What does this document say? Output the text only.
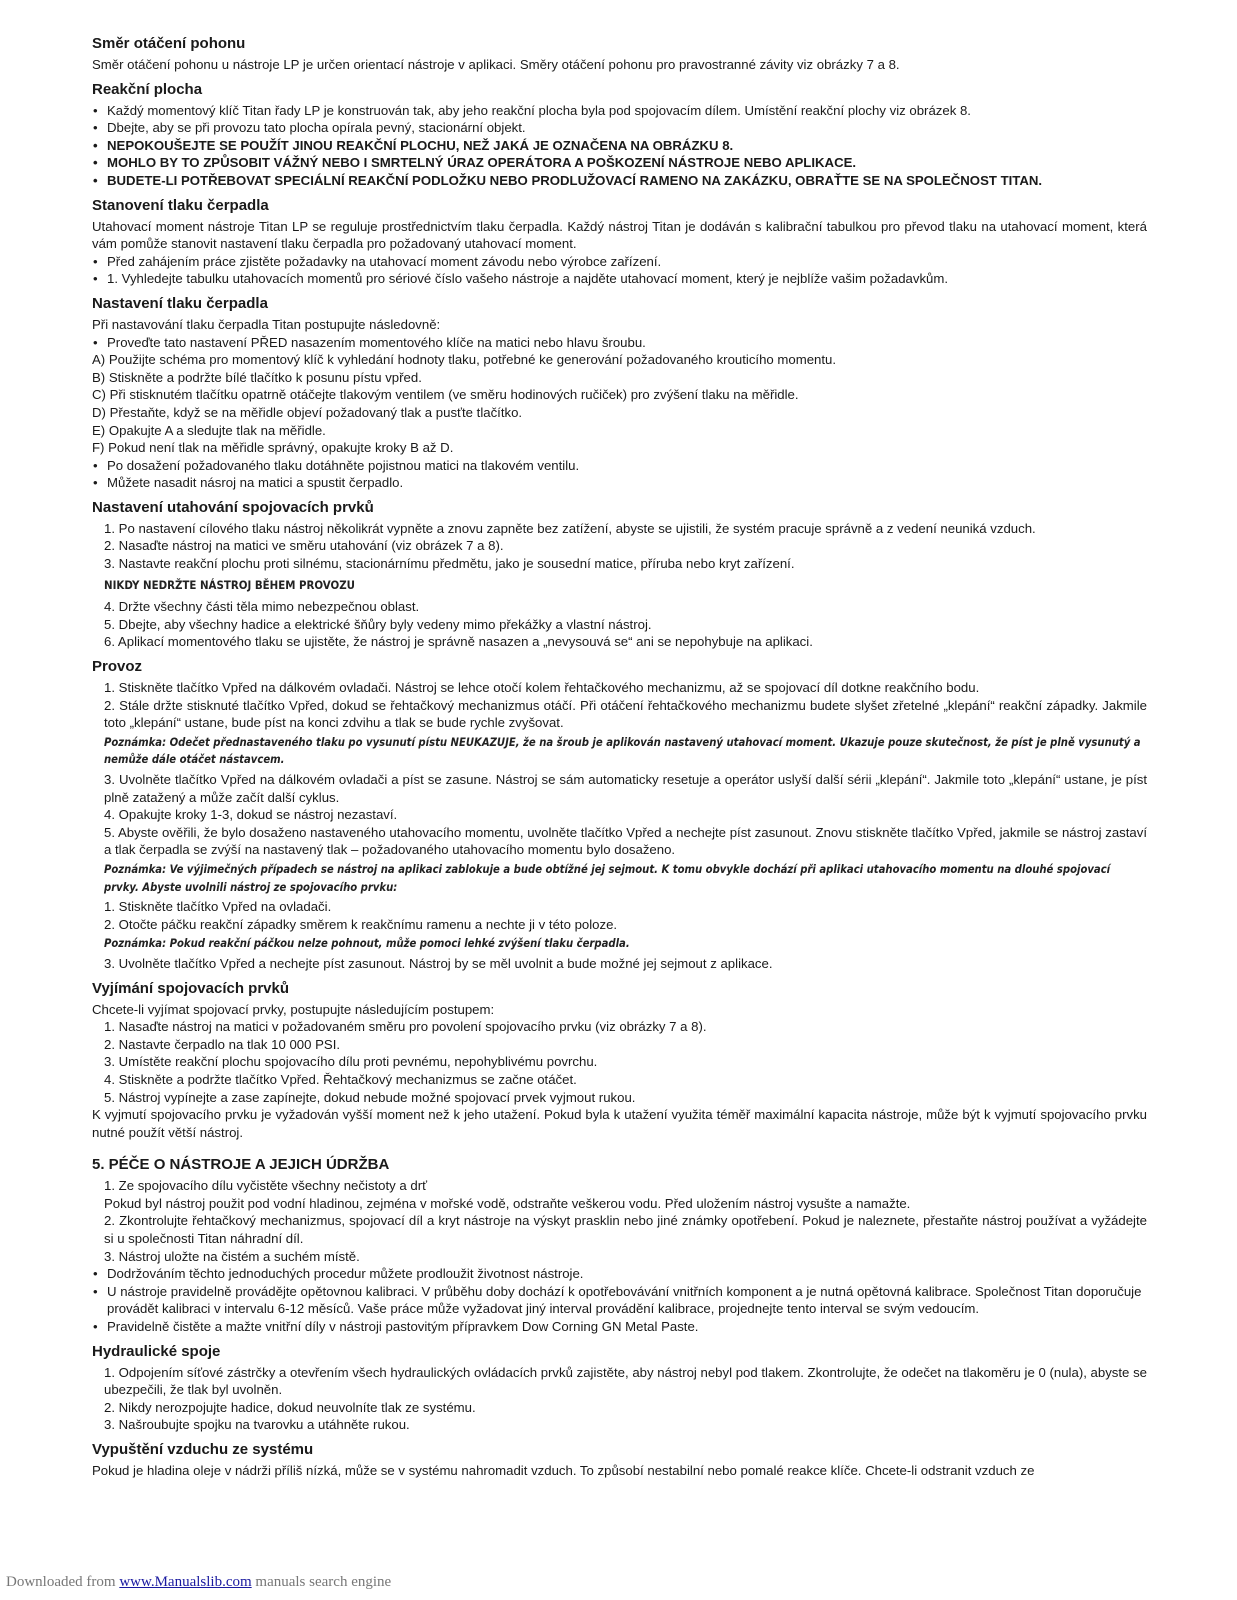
Směr otáčení pohonu

Směr otáčení pohonu u nástroje LP je určen orientací nástroje v aplikaci. Směry otáčení pohonu pro pravostranné závity viz obrázky 7 a 8.

Reakční plocha
• Každý momentový klíč Titan řady LP je konstruován tak, aby jeho reakční plocha byla pod spojovacím dílem. Umístění reakční plochy viz obrázek 8.
• Dbejte, aby se při provozu tato plocha opírala pevný, stacionární objekt.
• NEPOKOUŠEJTE SE POUŽÍT JINOU REAKČNÍ PLOCHU, NEŽ JAKÁ JE OZNAČENA NA OBRÁZKU 8.
• MOHLO BY TO ZPŮSOBIT VÁŽNÝ NEBO I SMRTELNÝ ÚRAZ OPERÁTORA A POŠKOZENÍ NÁSTROJE NEBO APLIKACE.
• BUDETE-LI POTŘEBOVAT SPECIÁLNÍ REAKČNÍ PODLOŽKU NEBO PRODLUŽOVACÍ RAMENO NA ZAKÁZKU, OBRAŤTE SE NA SPOLEČNOST TITAN.
Stanovení tlaku čerpadla

Utahovací moment nástroje Titan LP se reguluje prostřednictvím tlaku čerpadla. Každý nástroj Titan je dodáván s kalibrační tabulkou pro převod tlaku na utahovací moment, která vám pomůže stanovit nastavení tlaku čerpadla pro požadovaný utahovací moment.

• Před zahájením práce zjistěte požadavky na utahovací moment závodu nebo výrobce zařízení.
• 1. Vyhledejte tabulku utahovacích momentů pro sériové číslo vašeho nástroje a najděte utahovací moment, který je nejblíže vašim požadavkům.
Nastavení tlaku čerpadla

Při nastavování tlaku čerpadla Titan postupujte následovně:

• Proveďte tato nastavení PŘED nasazením momentového klíče na matici nebo hlavu šroubu.

A) Použijte schéma pro momentový klíč k vyhledání hodnoty tlaku, potřebné ke generování požadovaného krouticího momentu.

B) Stiskněte a podržte bílé tlačítko k posunu pístu vpřed.

C) Při stisknutém tlačítku opatrně otáčejte tlakovým ventilem (ve směru hodinových ručiček) pro zvýšení tlaku na měřidle.

D) Přestaňte, když se na měřidle objeví požadovaný tlak a pusťte tlačítko.

E) Opakujte A a sledujte tlak na měřidle.

F) Pokud není tlak na měřidle správný, opakujte kroky B až D.

• Po dosažení požadovaného tlaku dotáhněte pojistnou matici na tlakovém ventilu.
• Můžete nasadit násroj na matici a spustit čerpadlo.
Nastavení utahování spojovacích prvků

1. Po nastavení cílového tlaku nástroj několikrát vypněte a znovu zapněte bez zatížení, abyste se ujistili, že systém pracuje správně a z vedení neuniká vzduch.

2. Nasaďte nástroj na matici ve směru utahování (viz obrázek 7 a 8).

3. Nastavte reakční plochu proti silnému, stacionárnímu předmětu, jako je sousední matice, příruba nebo kryt zařízení.

NIKDY NEDRŽTE NÁSTROJ BĚHEM PROVOZU

4. Držte všechny části těla mimo nebezpečnou oblast.

5. Dbejte, aby všechny hadice a elektrické šňůry byly vedeny mimo překážky a vlastní nástroj.

6. Aplikací momentového tlaku se ujistěte, že nástroj je správně nasazen a „nevysouvá se“ ani se nepohybuje na aplikaci.

Provoz

1. Stiskněte tlačítko Vpřed na dálkovém ovladači. Nástroj se lehce otočí kolem řehtačkového mechanizmu, až se spojovací díl dotkne reakčního bodu.

2. Stále držte stisknuté tlačítko Vpřed, dokud se řehtačkový mechanizmus otáčí. Při otáčení řehtačkového mechanizmu budete slyšet zřetelné „klepání“ reakční západky. Jakmile toto „klepání“ ustane, bude píst na konci zdvihu a tlak se bude rychle zvyšovat.

Poznámka: Odečet přednastaveného tlaku po vysunutí pístu NEUKAZUJE, že na šroub je aplikován nastavený utahovací moment. Ukazuje pouze skutečnost, že píst je plně vysunutý a nemůže dále otáčet nástavcem.

3. Uvolněte tlačítko Vpřed na dálkovém ovladači a píst se zasune. Nástroj se sám automaticky resetuje a operátor uslyší další sérii „klepání“. Jakmile toto „klepání“ ustane, je píst plně zatažený a může začít další cyklus.

4. Opakujte kroky 1-3, dokud se nástroj nezastaví.

5. Abyste ověřili, že bylo dosaženo nastaveného utahovacího momentu, uvolněte tlačítko Vpřed a nechejte píst zasunout. Znovu stiskněte tlačítko Vpřed, jakmile se nástroj zastaví a tlak čerpadla se zvýší na nastavený tlak – požadovaného utahovacího momentu bylo dosaženo.

Poznámka: Ve výjimečných případech se nástroj na aplikaci zablokuje a bude obtížné jej sejmout. K tomu obvykle dochází při aplikaci utahovacího momentu na dlouhé spojovací prvky. Abyste uvolnili nástroj ze spojovacího prvku:

1. Stiskněte tlačítko Vpřed na ovladači.

2. Otočte páčku reakční západky směrem k reakčnímu ramenu a nechte ji v této poloze.

Poznámka: Pokud reakční páčkou nelze pohnout, může pomoci lehké zvýšení tlaku čerpadla.

3. Uvolněte tlačítko Vpřed a nechejte píst zasunout. Nástroj by se měl uvolnit a bude možné jej sejmout z aplikace.

Vyjímání spojovacích prvků

Chcete-li vyjímat spojovací prvky, postupujte následujícím postupem:

1. Nasaďte nástroj na matici v požadovaném směru pro povolení spojovacího prvku (viz obrázky 7 a 8).

2. Nastavte čerpadlo na tlak 10 000 PSI.

3. Umístěte reakční plochu spojovacího dílu proti pevnému, nepohyblivému povrchu.

4. Stiskněte a podržte tlačítko Vpřed. Řehtačkový mechanizmus se začne otáčet.

5. Nástroj vypínejte a zase zapínejte, dokud nebude možné spojovací prvek vyjmout rukou.

K vyjmutí spojovacího prvku je vyžadován vyšší moment než k jeho utažení. Pokud byla k utažení využita téměř maximální kapacita nástroje, může být k vyjmutí spojovacího prvku nutné použít větší nástroj.

5. PÉČE O NÁSTROJE A JEJICH ÚDRŽBA

1. Ze spojovacího dílu vyčistěte všechny nečistoty a drť

Pokud byl nástroj použit pod vodní hladinou, zejména v mořské vodě, odstraňte veškerou vodu. Před uložením nástroj vysušte a namažte.

2. Zkontrolujte řehtačkový mechanizmus, spojovací díl a kryt nástroje na výskyt prasklin nebo jiné známky opotřebení. Pokud je naleznete, přestaňte nástroj používat a vyžádejte si u společnosti Titan náhradní díl.

3. Nástroj uložte na čistém a suchém místě.

• Dodržováním těchto jednoduchých procedur můžete prodloužit životnost nástroje.
• U nástroje pravidelně provádějte opětovnou kalibraci. V průběhu doby dochází k opotřebovávání vnitřních komponent a je nutná opětovná kalibrace. Společnost Titan doporučuje provádět kalibraci v intervalu 6-12 měsíců. Vaše práce může vyžadovat jiný interval provádění kalibrace, projednejte tento interval se svým vedoucím.
• Pravidelně čistěte a mažte vnitřní díly v nástroji pastovitým přípravkem Dow Corning GN Metal Paste.
Hydraulické spoje

1. Odpojením síťové zástrčky a otevřením všech hydraulických ovládacích prvků zajistěte, aby nástroj nebyl pod tlakem. Zkontrolujte, že odečet na tlakoměru je 0 (nula), abyste se ubezpečili, že tlak byl uvolněn.

2. Nikdy nerozpojujte hadice, dokud neuvolníte tlak ze systému.

3. Našroubujte spojku na tvarovku a utáhněte rukou.

Vypuštění vzduchu ze systému

Pokud je hladina oleje v nádrži příliš nízká, může se v systému nahromadit vzduch. To způsobí nestabilní nebo pomalé reakce klíče. Chcete-li odstranit vzduch ze

Downloaded from www.Manualslib.com manuals search engine
